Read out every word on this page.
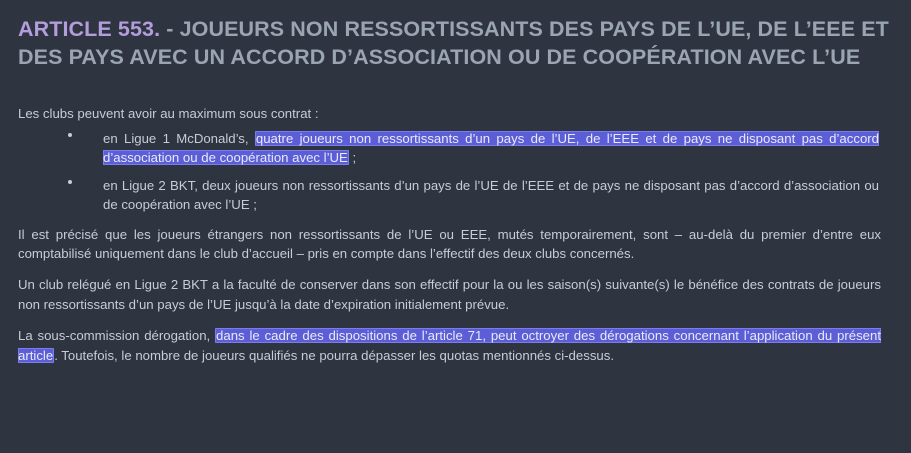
ARTICLE 553. - JOUEURS NON RESSORTISSANTS DES PAYS DE L’UE, DE L’EEE ET DES PAYS AVEC UN ACCORD D’ASSOCIATION OU DE COOPÉRATION AVEC L’UE

Les clubs peuvent avoir au maximum sous contrat :

en Ligue 1 McDonald’s, quatre joueurs non ressortissants d’un pays de l’UE, de l’EEE et de pays ne disposant pas d’accord d’association ou de coopération avec l’UE ;
en Ligue 2 BKT, deux joueurs non ressortissants d’un pays de l’UE de l’EEE et de pays ne disposant pas d’accord d’association ou de coopération avec l’UE ;

Il est précisé que les joueurs étrangers non ressortissants de l’UE ou EEE, mutés temporairement, sont – au-delà du premier d’entre eux comptabilisé uniquement dans le club d’accueil – pris en compte dans l’effectif des deux clubs concernés.

Un club relégué en Ligue 2 BKT a la faculté de conserver dans son effectif pour la ou les saison(s) suivante(s) le bénéfice des contrats de joueurs non ressortissants d’un pays de l’UE jusqu’à la date d’expiration initialement prévue.

La sous-commission dérogation, dans le cadre des dispositions de l’article 71, peut octroyer des dérogations concernant l’application du présent article. Toutefois, le nombre de joueurs qualifiés ne pourra dépasser les quotas mentionnés ci-dessus.
